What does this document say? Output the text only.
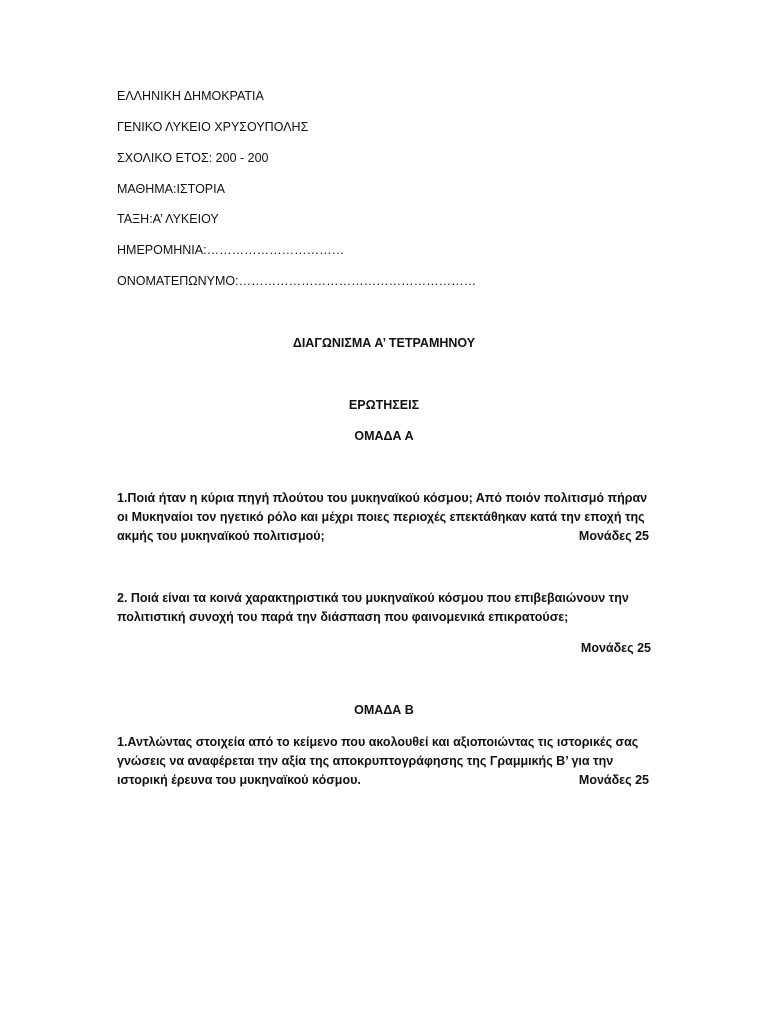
ΕΛΛΗΝΙΚΗ ΔΗΜΟΚΡΑΤΙΑ
ΓΕΝΙΚΟ ΛΥΚΕΙΟ ΧΡΥΣΟΥΠΟΛΗΣ
ΣΧΟΛΙΚΟ ΕΤΟΣ: 200 - 200
ΜΑΘΗΜΑ:ΙΣΤΟΡΙΑ
ΤΑΞΗ:Α’ ΛΥΚΕΙΟΥ
ΗΜΕΡΟΜΗΝΙΑ:……………………………
ΟΝΟΜΑΤΕΠΩΝΥΜΟ:…………………………………………………
ΔΙΑΓΩΝΙΣΜΑ Α’ ΤΕΤΡΑΜΗΝΟΥ
ΕΡΩΤΗΣΕΙΣ
ΟΜΑΔΑ Α
1.Ποιά ήταν η κύρια πηγή πλούτου του μυκηναϊκού κόσμου; Από ποιόν πολιτισμό πήραν
οι Μυκηναίοι τον ηγετικό ρόλο και μέχρι ποιες περιοχές επεκτάθηκαν κατά την εποχή της
ακμής του μυκηναϊκού πολιτισμού;	Μονάδες 25
2. Ποιά είναι τα κοινά χαρακτηριστικά του μυκηναϊκού κόσμου που επιβεβαιώνουν την
πολιτιστική συνοχή του παρά την διάσπαση που φαινομενικά επικρατούσε;
Μονάδες 25
ΟΜΑΔΑ Β
1.Αντλώντας στοιχεία από το κείμενο που ακολουθεί και αξιοποιώντας τις ιστορικές σας
γνώσεις να αναφέρεται την αξία της αποκρυπτογράφησης της Γραμμικής Β’ για την
ιστορική έρευνα του μυκηναϊκού κόσμου.	Μονάδες 25
